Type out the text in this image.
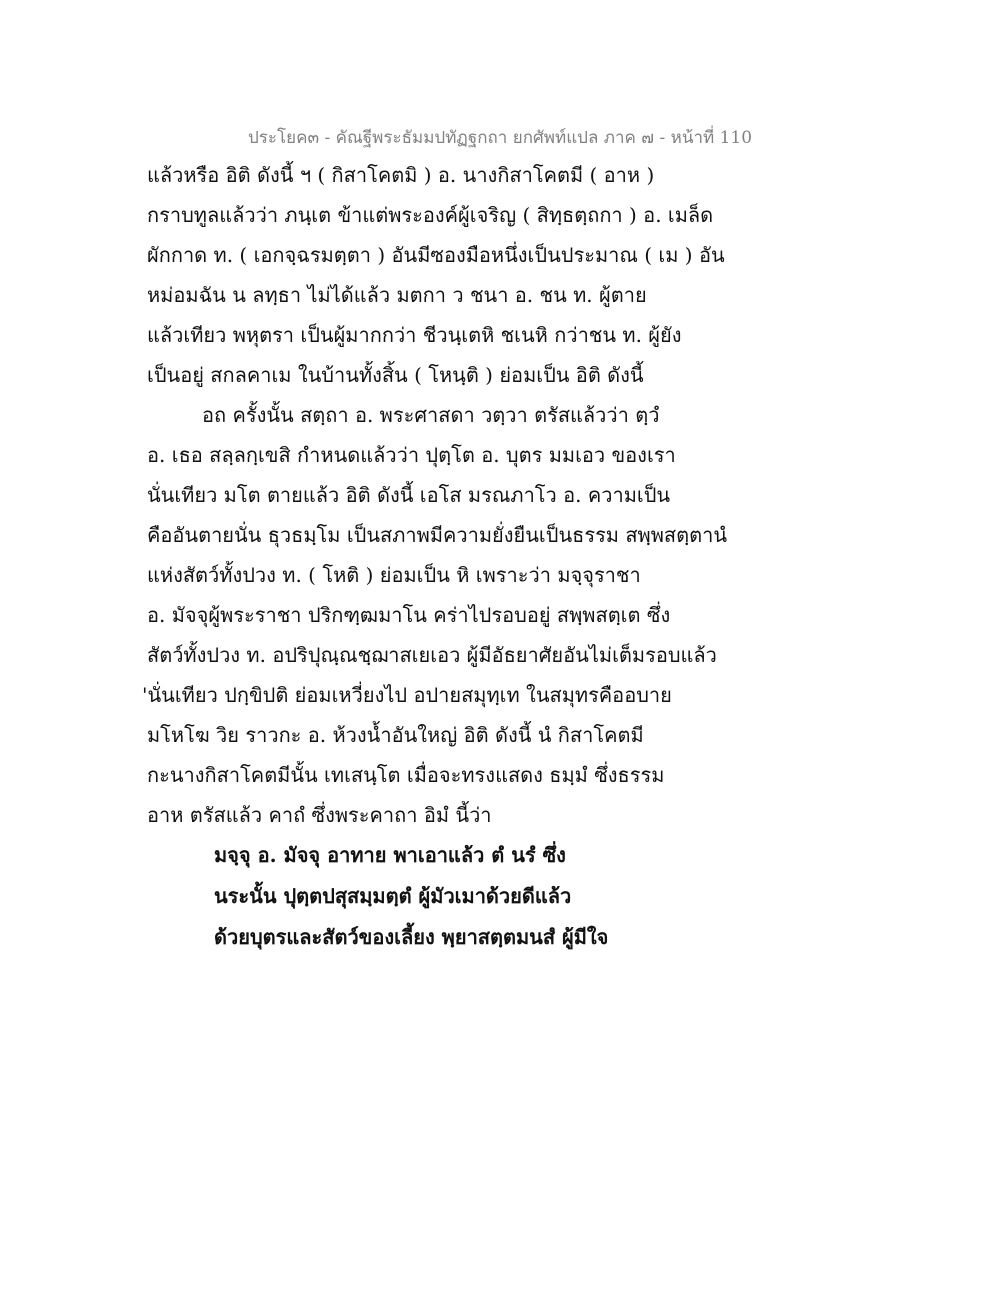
ประโยค๓ - คัณฐีพระธัมมปทัฏฐกถา ยกศัพท์แปล ภาค ๗ - หน้าที่ 110
แล้วหรือ อิติ ดังนี้ ฯ ( กิสาโคตมิ ) อ. นางกิสาโคตมี ( อาห )
กราบทูลแล้วว่า ภนฺเต ข้าแต่พระองค์ผู้เจริญ ( สิทฺธตฺถกา ) อ. เมล็ด
ผักกาด ท. ( เอกจฺฉรมตฺตา ) อันมีซองมือหนึ่งเป็นประมาณ ( เม ) อัน
หม่อมฉัน น ลทฺธา ไม่ได้แล้ว มตกา ว ชนา อ. ชน ท. ผู้ตาย
แล้วเทียว พหุตรา เป็นผู้มากกว่า ชีวนฺเตหิ ชเนหิ กว่าชน ท. ผู้ยัง
เป็นอยู่ สกลคาเม ในบ้านทั้งสิ้น ( โหนฺติ ) ย่อมเป็น อิติ ดังนี้
อถ ครั้งนั้น สตฺถา อ. พระศาสดา วตฺวา ตรัสแล้วว่า ตฺวํ
อ. เธอ สลฺลกฺเขสิ กำหนดแล้วว่า ปุตฺโต อ. บุตร มมเอว ของเรา
นั่นเทียว มโต ตายแล้ว อิติ ดังนี้ เอโส มรณภาโว อ. ความเป็น
คืออันตายนั่น ธุวธมฺโม เป็นสภาพมีความยั่งยืนเป็นธรรม สพฺพสตฺตานํ
แห่งสัตว์ทั้งปวง ท. ( โหติ ) ย่อมเป็น หิ เพราะว่า มจฺจุราชา
อ. มัจจุผู้พระราชา ปริกฑฺฒมาโน คร่าไปรอบอยู่ สพฺพสตฺเต ซึ่ง
สัตว์ทั้งปวง ท. อปริปุณฺณชฺฌาสเยเอว ผู้มีอัธยาศัยอันไม่เต็มรอบแล้ว
'นั่นเทียว ปกฺขิปติ ย่อมเหวี่ยงไป อปายสมุทฺเท ในสมุทรคืออบาย
มโหโฆ วิย ราวกะ อ. ห้วงน้ำอันใหญ่ อิติ ดังนี้ นํ กิสาโคตมี
กะนางกิสาโคตมีนั้น เทเสนฺโต เมื่อจะทรงแสดง ธมฺมํ ซึ่งธรรม
อาห ตรัสแล้ว คาถํ ซึ่งพระคาถา อิมํ นี้ว่า
มจฺจุ อ. มัจจุ อาทาย พาเอาแล้ว ตํ นรํ ซึ่ง
นระนั้น ปุตฺตปสุสมฺมตฺตํ ผู้มัวเมาด้วยดีแล้ว
ด้วยบุตรและสัตว์ของเลี้ยง พฺยาสตฺตมนสํ ผู้มีใจ
